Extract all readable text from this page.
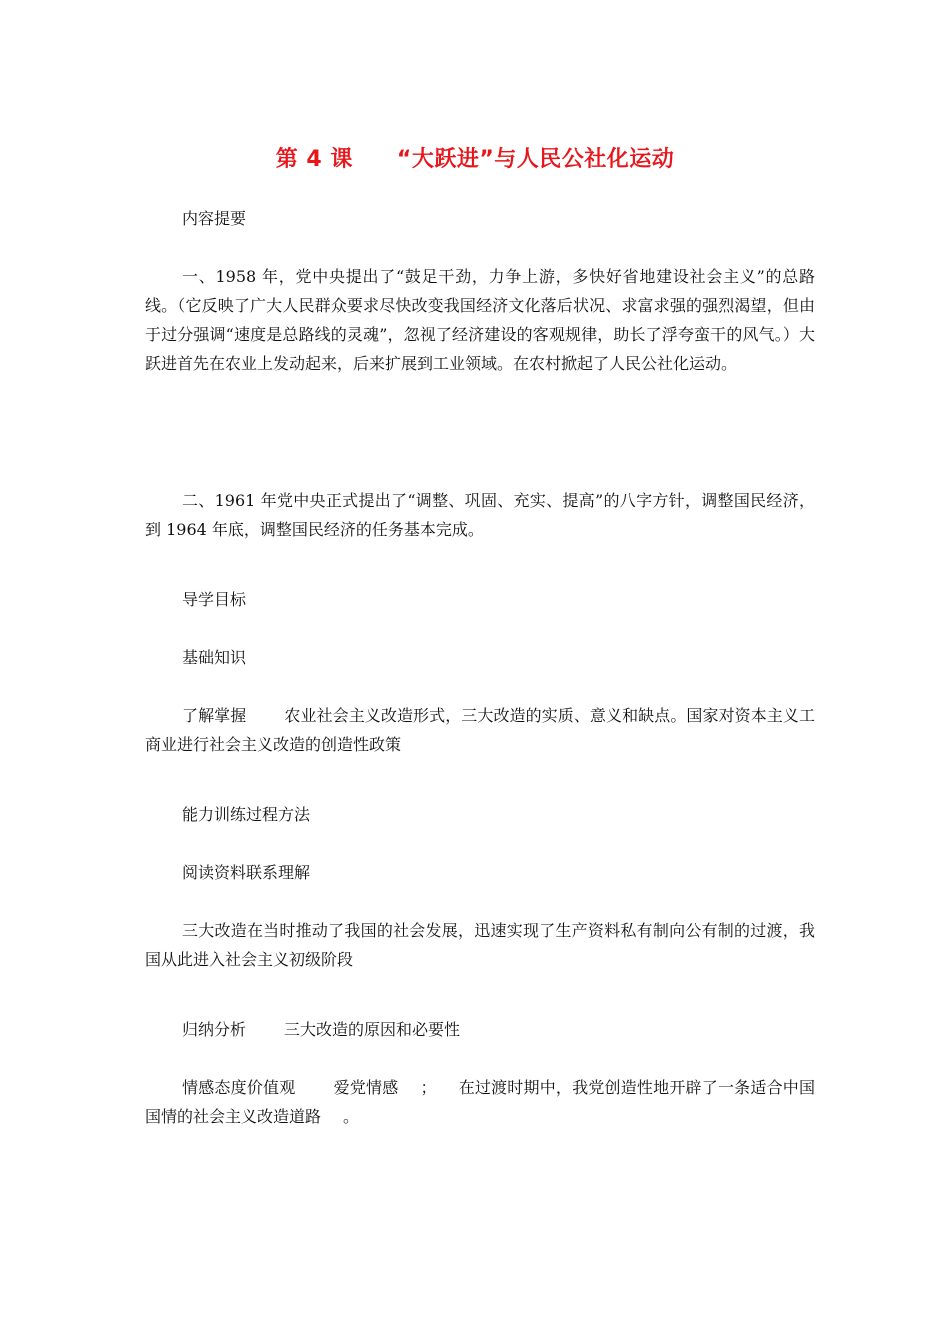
第 4 课 “大跃进”与人民公社化运动

内容提要

一、1958 年，党中央提出了“鼓足干劲，力争上游，多快好省地建设社会主义”的总路线。（它反映了广大人民群众要求尽快改变我国经济文化落后状况、求富求强的强烈渴望，但由于过分强调“速度是总路线的灵魂”，忽视了经济建设的客观规律，助长了浮夸蛮干的风气。）大跃进首先在农业上发动起来，后来扩展到工业领域。在农村掀起了人民公社化运动。

二、1961 年党中央正式提出了“调整、巩固、充实、提高”的八字方针，调整国民经济，到 1964 年底，调整国民经济的任务基本完成。

导学目标

基础知识

了解掌握 农业社会主义改造形式，三大改造的实质、意义和缺点。国家对资本主义工商业进行社会主义改造的创造性政策

能力训练过程方法

阅读资料联系理解

三大改造在当时推动了我国的社会发展，迅速实现了生产资料私有制向公有制的过渡，我国从此进入社会主义初级阶段

归纳分析 三大改造的原因和必要性

情感态度价值观 爱党情感 ； 在过渡时期中，我党创造性地开辟了一条适合中国国情的社会主义改造道路 。
